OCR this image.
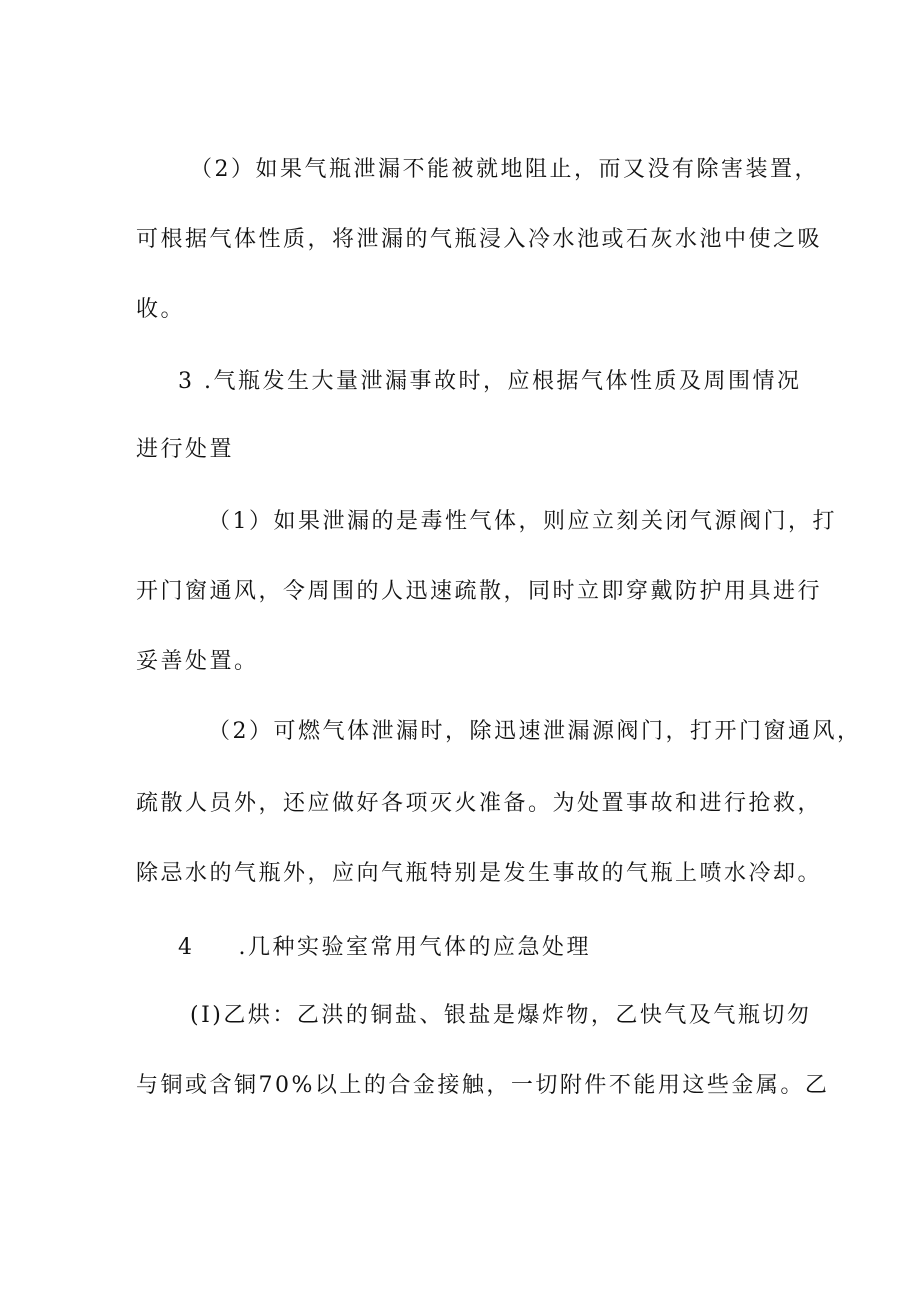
（2）如果气瓶泄漏不能被就地阻止，而又没有除害装置，
可根据气体性质，将泄漏的气瓶浸入冷水池或石灰水池中使之吸
收。
3 .气瓶发生大量泄漏事故时，应根据气体性质及周围情况
进行处置
（1）如果泄漏的是毒性气体，则应立刻关闭气源阀门，打
开门窗通风，令周围的人迅速疏散，同时立即穿戴防护用具进行
妥善处置。
（2）可燃气体泄漏时，除迅速泄漏源阀门，打开门窗通风，
疏散人员外，还应做好各项灭火准备。为处置事故和进行抢救，
除忌水的气瓶外，应向气瓶特别是发生事故的气瓶上喷水冷却。
4 .几种实验室常用气体的应急处理
(I)乙烘：乙洪的铜盐、银盐是爆炸物，乙快气及气瓶切勿
与铜或含铜70%以上的合金接触，一切附件不能用这些金属。乙
